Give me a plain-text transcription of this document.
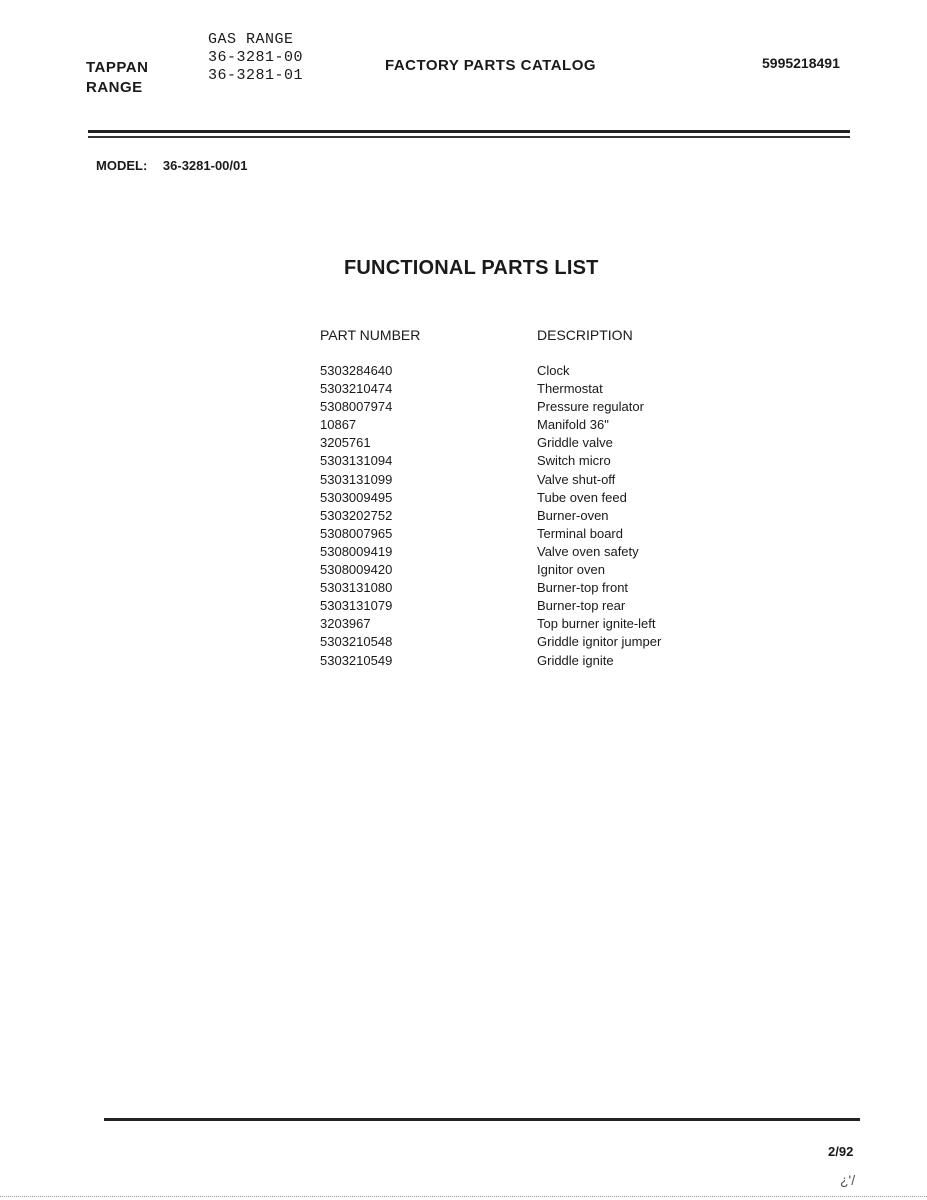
TAPPAN
RANGE
GAS RANGE
36-3281-00
36-3281-01
FACTORY PARTS CATALOG	5995218491
MODEL: 36-3281-00/01
FUNCTIONAL PARTS LIST
PART NUMBER	DESCRIPTION
5303284640	Clock
5303210474	Thermostat
5308007974	Pressure regulator
10867	Manifold 36"
3205761	Griddle valve
5303131094	Switch micro
5303131099	Valve shut-off
5303009495	Tube oven feed
5303202752	Burner-oven
5308007965	Terminal board
5308009419	Valve oven safety
5308009420	Ignitor oven
5303131080	Burner-top front
5303131079	Burner-top rear
3203967	Top burner ignite-left
5303210548	Griddle ignitor jumper
5303210549	Griddle ignite
2/92
¿'/
